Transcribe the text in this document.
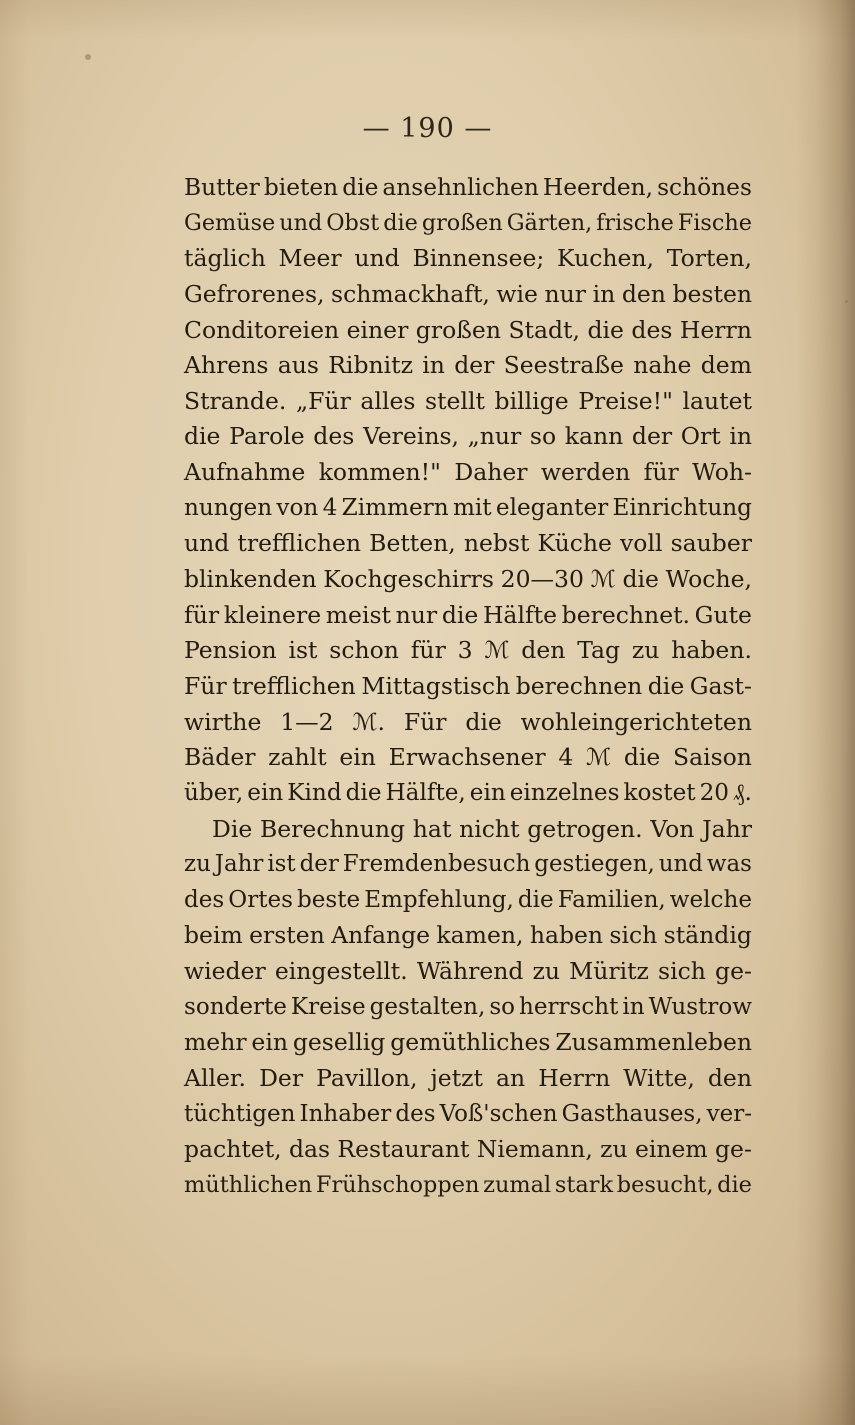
— 190 —
Butter bieten die ansehnlichen Heerden, schönes
Gemüse und Obst die großen Gärten, frische Fische
täglich Meer und Binnensee; Kuchen, Torten,
Gefrorenes, schmackhaft, wie nur in den besten
Conditoreien einer großen Stadt, die des Herrn
Ahrens aus Ribnitz in der Seestraße nahe dem
Strande. „Für alles stellt billige Preise!" lautet
die Parole des Vereins, „nur so kann der Ort in
Aufnahme kommen!" Daher werden für Woh-
nungen von 4 Zimmern mit eleganter Einrichtung
und trefflichen Betten, nebst Küche voll sauber
blinkenden Kochgeschirrs 20—30 ℳ die Woche,
für kleinere meist nur die Hälfte berechnet. Gute
Pension ist schon für 3 ℳ den Tag zu haben.
Für trefflichen Mittagstisch berechnen die Gast-
wirthe 1—2 ℳ. Für die wohleingerichteten
Bäder zahlt ein Erwachsener 4 ℳ die Saison
über, ein Kind die Hälfte, ein einzelnes kostet 20 ₰.
Die Berechnung hat nicht getrogen. Von Jahr
zu Jahr ist der Fremdenbesuch gestiegen, und was
des Ortes beste Empfehlung, die Familien, welche
beim ersten Anfange kamen, haben sich ständig
wieder eingestellt. Während zu Müritz sich ge-
sonderte Kreise gestalten, so herrscht in Wustrow
mehr ein gesellig gemüthliches Zusammenleben
Aller. Der Pavillon, jetzt an Herrn Witte, den
tüchtigen Inhaber des Voß'schen Gasthauses, ver-
pachtet, das Restaurant Niemann, zu einem ge-
müthlichen Frühschoppen zumal stark besucht, die
